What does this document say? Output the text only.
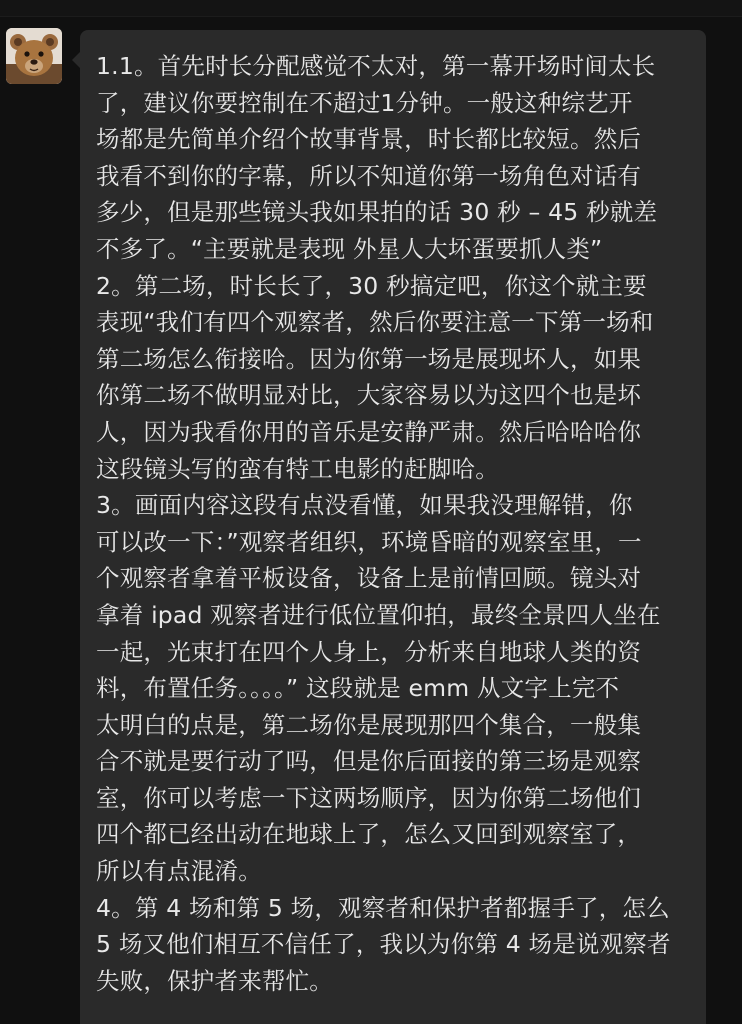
1.1。首先时长分配感觉不太对，第一幕开场时间太长
了，建议你要控制在不超过1分钟。一般这种综艺开
场都是先简单介绍个故事背景，时长都比较短。然后
我看不到你的字幕，所以不知道你第一场角色对话有
多少，但是那些镜头我如果拍的话 30 秒 – 45 秒就差
不多了。“主要就是表现 外星人大坏蛋要抓人类”
2。第二场，时长长了，30 秒搞定吧，你这个就主要
表现“我们有四个观察者，然后你要注意一下第一场和
第二场怎么衔接哈。因为你第一场是展现坏人，如果
你第二场不做明显对比，大家容易以为这四个也是坏
人，因为我看你用的音乐是安静严肃。然后哈哈哈你
这段镜头写的蛮有特工电影的赶脚哈。
3。画面内容这段有点没看懂，如果我没理解错，你
可以改一下：”观察者组织，环境昏暗的观察室里，一
个观察者拿着平板设备，设备上是前情回顾。镜头对
拿着 ipad 观察者进行低位置仰拍，最终全景四人坐在
一起，光束打在四个人身上，分析来自地球人类的资
料，布置任务。。。。” 这段就是 emm 从文字上完不
太明白的点是，第二场你是展现那四个集合，一般集
合不就是要行动了吗，但是你后面接的第三场是观察
室，你可以考虑一下这两场顺序，因为你第二场他们
四个都已经出动在地球上了，怎么又回到观察室了，
所以有点混淆。
4。第 4 场和第 5 场，观察者和保护者都握手了，怎么
5 场又他们相互不信任了，我以为你第 4 场是说观察者
失败，保护者来帮忙。
